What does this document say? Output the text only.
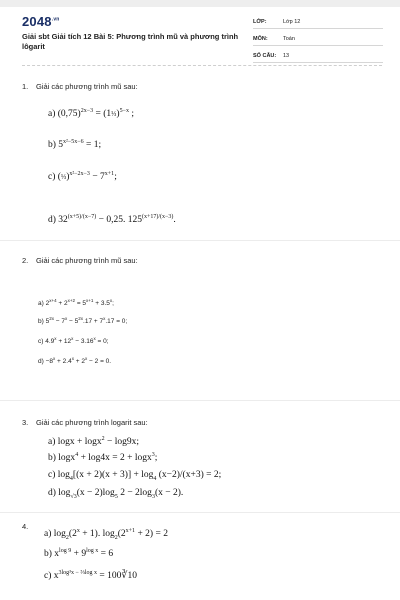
$2048^{.vn}$
Giải sbt Giải tích 12 Bài 5: Phương trình mũ và phương trình lôgarit
LỚP:	Lớp 12
MÔN:	Toán
SỐ CÂU:	13
1.	Giải các phương trình mũ sau:
a) $(0,75)^{2x-3}$ = (1⅓)$^{5-x}$ ;
b) $5^{x^2-5x-6} = 1$;
c) (⅓)$^{x^2-2x-3}$ − $7^{x+1}$;
d) $32^{(x+5)/(x-7)} - 0,25$. $125^{(x+17)/(x-3)}$.
2.	Giải các phương trình mũ sau:
a) $2^{x+4} + 2^{x+2} = 5^{x+1} + 3.5^x$;
b) $5^{2x} - 7^x - 5^{2x}.17 + 7^x.17 = 0$;
c) $4.9^x + 12^x - 3.16^x = 0$;
$d) -8^x + 2.4^x + 2^x - 2 = 0$.
3.	Giải các phương trình logarit sau:
a) logx + logx$^2$ − log9x;
b) logx$^4$ + log4x = 2 + logx$^3$;
c) $\log_4[(x + 2)(x + 3)] + \log_4 (x-2)/(x+3) = 2$;
d) $\log_{√3}(x - 2)\log_5$ $2 - 2\log_3(x - 2)$.
4.
a) $\log_2(2^x + 1)$. $\log_2(2^{x+1} + 2) = 2$
b) $x^{log 9} + 9^{log x} = 6$
c) $x^{3log^3x - \frac{2}{3}log x}$ = 100∛10
